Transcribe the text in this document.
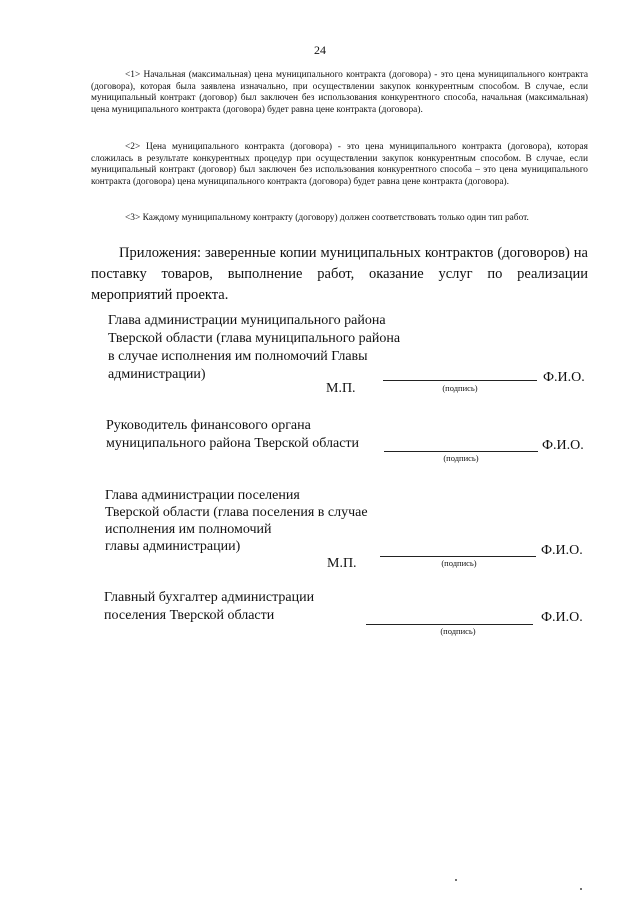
24

<1> Начальная (максимальная) цена муниципального контракта (договора) - это цена муниципального контракта (договора), которая была заявлена изначально, при осуществлении закупок конкурентным способом. В случае, если муниципальный контракт (договор) был заключен без использования конкурентного способа, начальная (максимальная) цена муниципального контракта (договора) будет равна цене контракта (договора).

<2> Цена муниципального контракта (договора) - это цена муниципального контракта (договора), которая сложилась в результате конкурентных процедур при осуществлении закупок конкурентным способом. В случае, если муниципальный контракт (договор) был заключен без использования конкурентного способа – это цена муниципального контракта (договора) цена муниципального контракта (договора) будет равна цене контракта (договора).

<3> Каждому муниципальному контракту (договору) должен соответствовать только один тип работ.

Приложения: заверенные копии муниципальных контрактов (договоров) на поставку товаров, выполнение работ, оказание услуг по реализации мероприятий проекта.

Глава администрации муниципального района
Тверской области (глава муниципального района
в случае исполнения им полномочий Главы
администрации)
М.П.	(подпись)
Ф.И.О.
Руководитель финансового органа
муниципального района Тверской области
(подпись)
Ф.И.О.
Глава администрации поселения
Тверской области (глава поселения в случае
исполнения им полномочий
главы администрации)
М.П.	(подпись)
Ф.И.О.
Главный бухгалтер администрации
поселения Тверской области
(подпись)
Ф.И.О.
